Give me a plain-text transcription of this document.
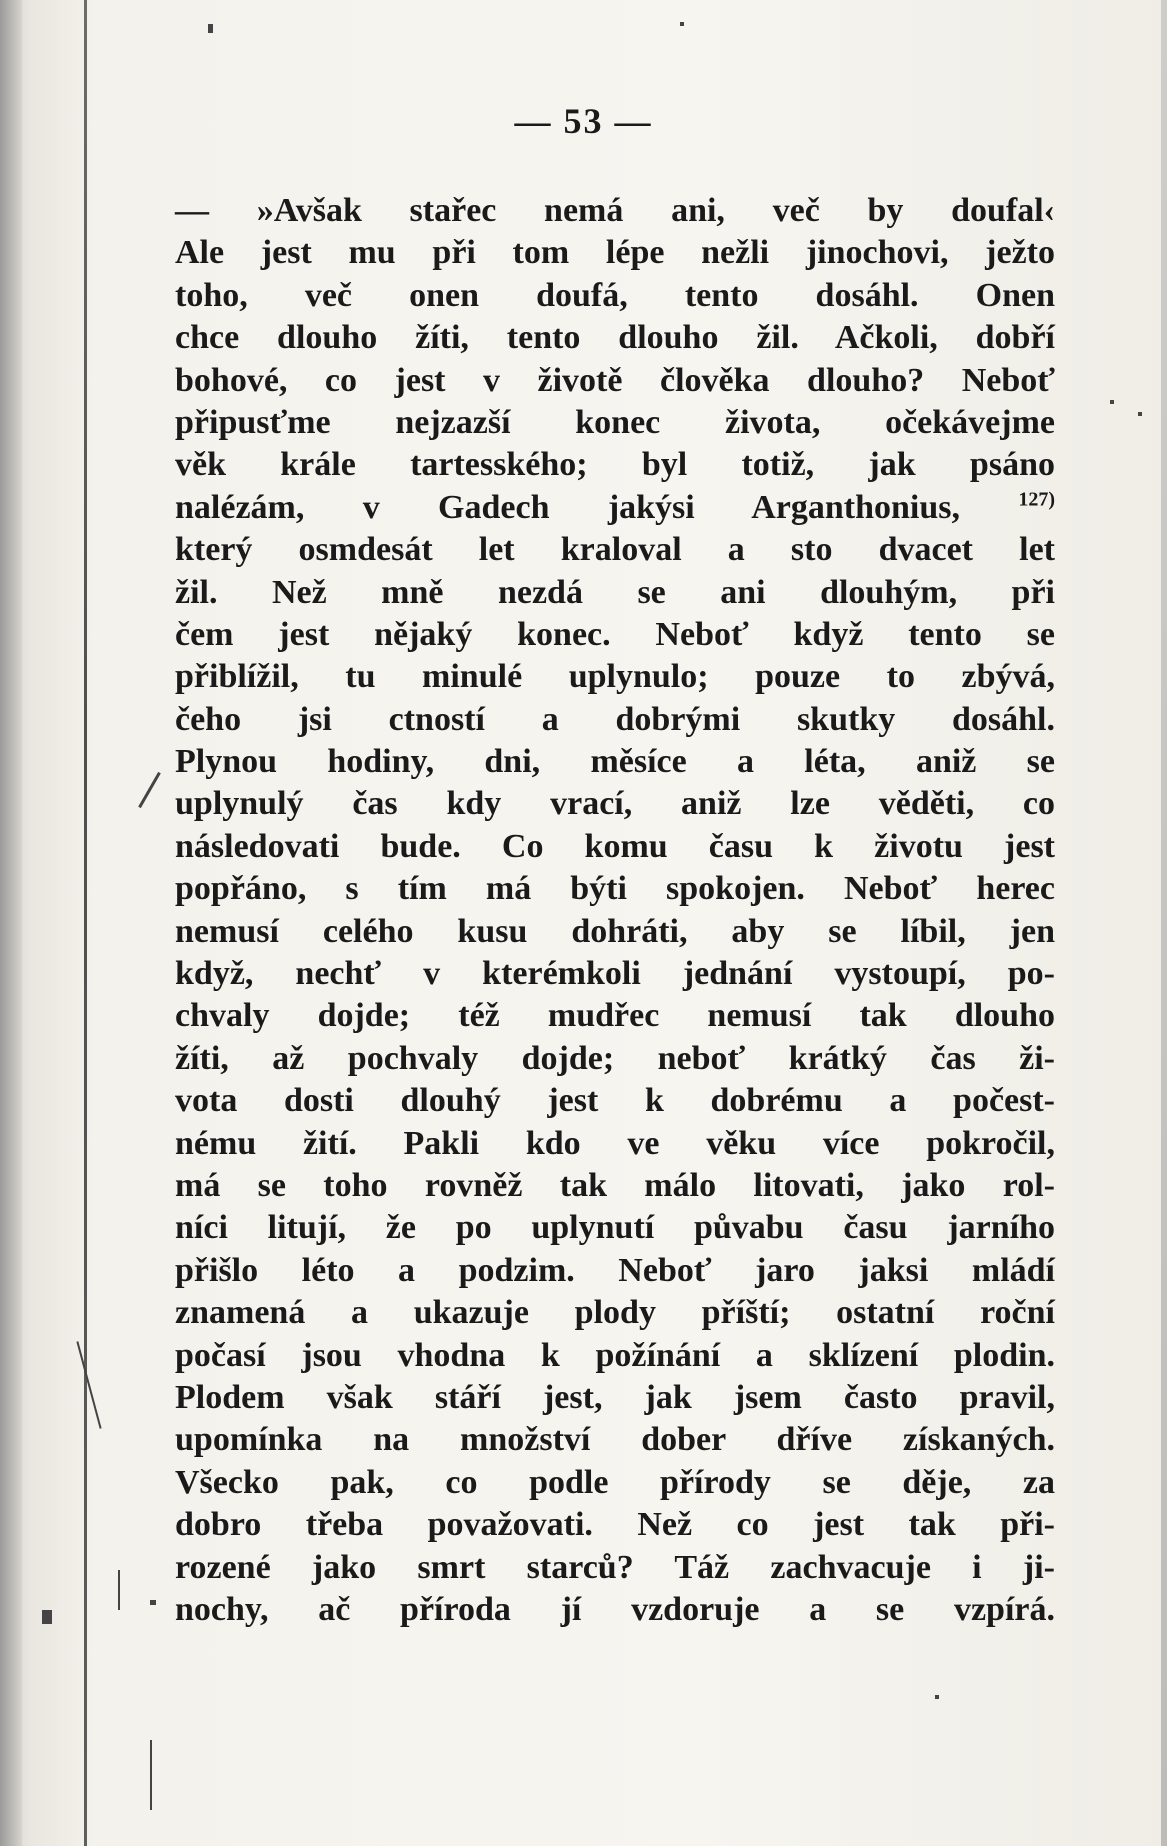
— 53 —
— »Avšak stařec nemá ani, več by doufal‹
Ale jest mu při tom lépe nežli jinochovi, ježto
toho, več onen doufá, tento dosáhl. Onen
chce dlouho žíti, tento dlouho žil. Ačkoli, dobří
bohové, co jest v životě člověka dlouho? Neboť
připusťme nejzazší konec života, očekávejme
věk krále tartesského; byl totiž, jak psáno
nalézám, v Gadech jakýsi Arganthonius,	$^{127)}$
který osmdesát let kraloval a sto dvacet let
žil. Než mně nezdá se ani dlouhým, při
čem jest nějaký konec. Neboť když tento se
přiblížil, tu minulé uplynulo; pouze to zbývá,
čeho jsi ctností a dobrými skutky dosáhl.
Plynou hodiny, dni, měsíce a léta, aniž se
uplynulý čas kdy vrací, aniž lze věděti, co
následovati bude. Co komu času k životu jest
popřáno, s tím má býti spokojen. Neboť herec
nemusí celého kusu dohráti, aby se líbil, jen
když, nechť v kterémkoli jednání vystoupí, po-
chvaly dojde; též mudřec nemusí tak dlouho
žíti, až pochvaly dojde; neboť krátký čas ži-
vota dosti dlouhý jest k dobrému a počest-
nému žití. Pakli kdo ve věku více pokročil,
má se toho rovněž tak málo litovati, jako rol-
níci litují, že po uplynutí půvabu času jarního
přišlo léto a podzim. Neboť jaro jaksi mládí
znamená a ukazuje plody příští; ostatní roční
počasí jsou vhodna k požínání a sklízení plodin.
Plodem však stáří jest, jak jsem často pravil,
upomínka na množství dober dříve získaných.
Všecko pak, co podle přírody se děje, za
dobro třeba považovati. Než co jest tak při-
rozené jako smrt starců? Táž zachvacuje i ji-
nochy, ač příroda jí vzdoruje a se vzpírá.
